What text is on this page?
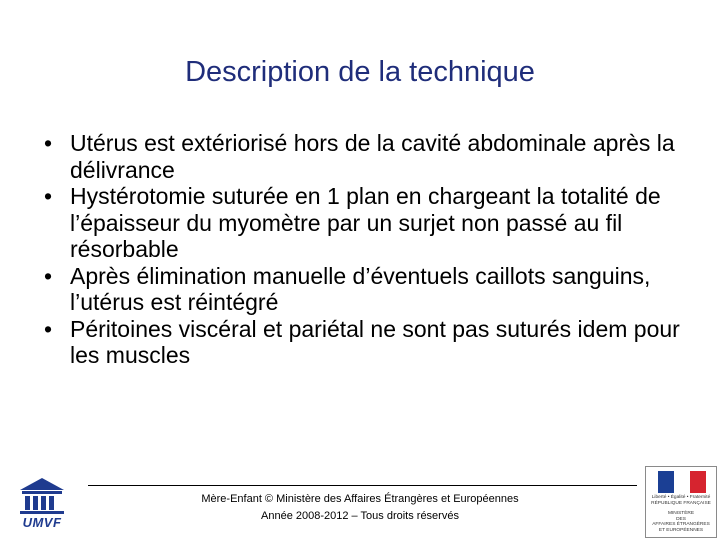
Description de la technique
• Utérus est extériorisé hors de la cavité abdominale après la délivrance
• Hystérotomie suturée en 1 plan en chargeant la totalité de l’épaisseur du myomètre par un surjet non passé au fil résorbable
• Après élimination manuelle d’éventuels caillots sanguins, l’utérus est réintégré
• Péritoines viscéral et pariétal ne sont pas suturés idem pour les muscles
UMVF
Mère-Enfant © Ministère des Affaires Étrangères et Européennes
Année 2008-2012 – Tous droits réservés
Liberté • Égalité • Fraternité
RÉPUBLIQUE FRANÇAISE
MINISTÈRE
DES
AFFAIRES ÉTRANGÈRES
ET EUROPÉENNES
